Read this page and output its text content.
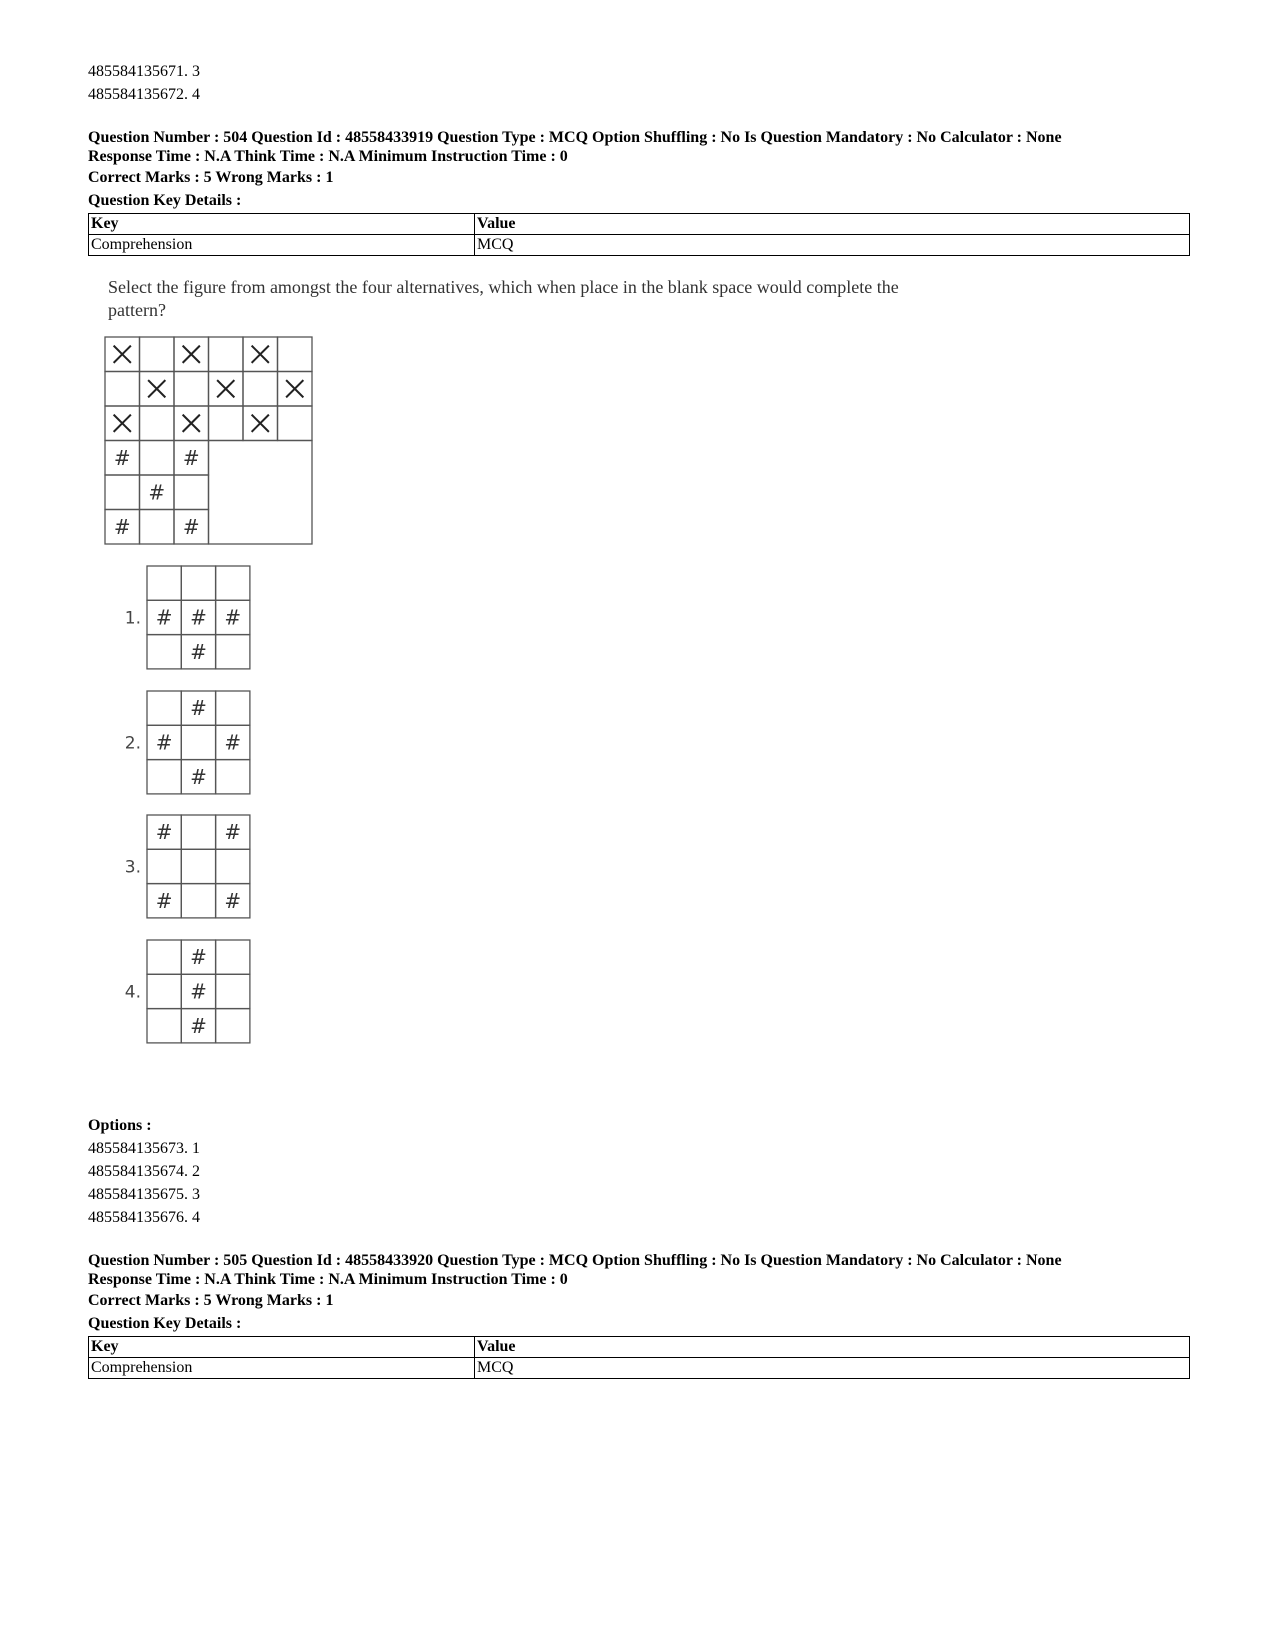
485584135671. 3
485584135672. 4
Question Number : 504 Question Id : 48558433919 Question Type : MCQ Option Shuffling : No Is Question Mandatory : No Calculator : None
Response Time : N.A Think Time : N.A Minimum Instruction Time : 0
Correct Marks : 5 Wrong Marks : 1
Question Key Details :
Key	Value
Comprehension	MCQ
Select the figure from amongst the four alternatives, which when place in the blank space would complete the
pattern?
#	#
#
#	#
1. # # #
#
2.
#
#	#
#
3.
#	#
#	#
4.
#
#
#
Options :
485584135673. 1
485584135674. 2
485584135675. 3
485584135676. 4
Question Number : 505 Question Id : 48558433920 Question Type : MCQ Option Shuffling : No Is Question Mandatory : No Calculator : None
Response Time : N.A Think Time : N.A Minimum Instruction Time : 0
Correct Marks : 5 Wrong Marks : 1
Question Key Details :
Key	Value
Comprehension	MCQ
